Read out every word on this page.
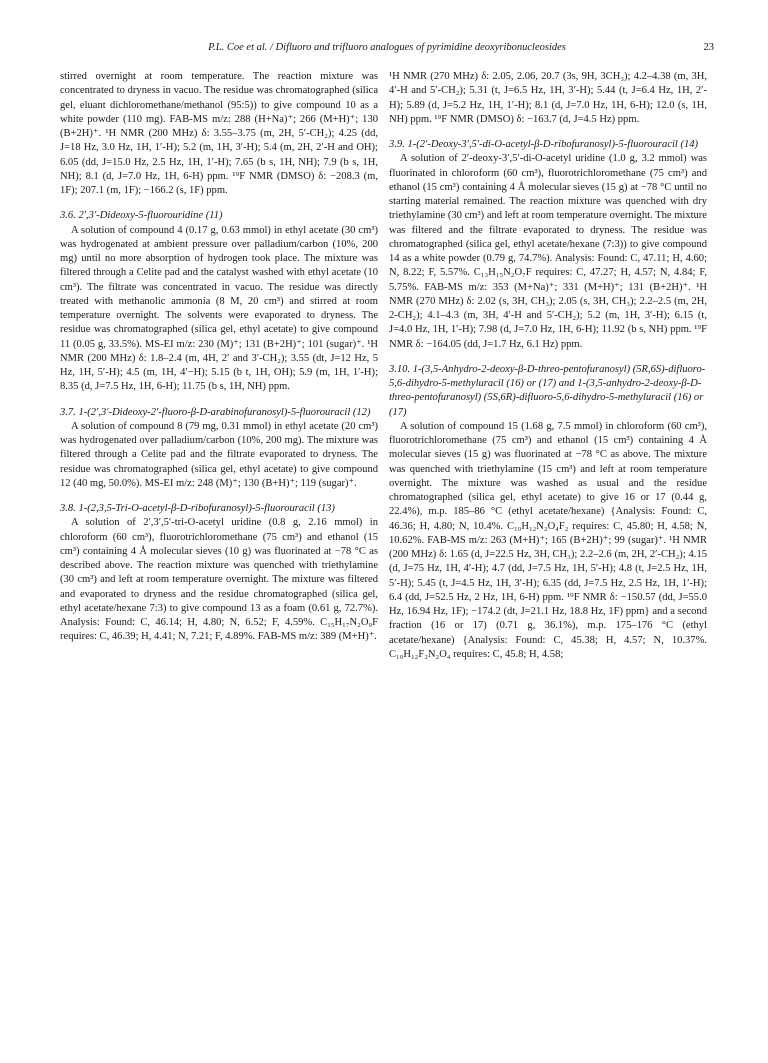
P.L. Coe et al. / Difluoro and trifluoro analogues of pyrimidine deoxyribonucleosides	23

stirred overnight at room temperature. The reaction mixture was concentrated to dryness in vacuo. The residue was chromatographed (silica gel, eluant dichloromethane/methanol (95:5)) to give compound 10 as a white powder (110 mg). FAB-MS m/z: 288 (H+Na)⁺; 266 (M+H)⁺; 130 (B+2H)⁺. ¹H NMR (200 MHz) δ: 3.55–3.75 (m, 2H, 5′-CH₂); 4.25 (dd, J=18 Hz, 3.0 Hz, 1H, 1′-H); 5.2 (m, 1H, 3′-H); 5.4 (m, 2H, 2′-H and OH); 6.05 (dd, J=15.0 Hz, 2.5 Hz, 1H, 1′-H); 7.65 (b s, 1H, NH); 7.9 (b s, 1H, NH); 8.1 (d, J=7.0 Hz, 1H, 6-H) ppm. ¹⁹F NMR (DMSO) δ: −208.3 (m, 1F); 207.1 (m, 1F); −166.2 (s, 1F) ppm.

3.6. 2′,3′-Dideoxy-5-fluorouridine (11)

A solution of compound 4 (0.17 g, 0.63 mmol) in ethyl acetate (30 cm³) was hydrogenated at ambient pressure over palladium/carbon (10%, 200 mg) until no more absorption of hydrogen took place. The mixture was filtered through a Celite pad and the catalyst washed with ethyl acetate (10 cm³). The filtrate was concentrated in vacuo. The residue was directly treated with methanolic ammonia (8 M, 20 cm³) and stirred at room temperature overnight. The solvents were evaporated to dryness. The residue was chromatographed (silica gel, ethyl acetate) to give compound 11 (0.05 g, 33.5%). MS-EI m/z: 230 (M)⁺; 131 (B+2H)⁺; 101 (sugar)⁺. ¹H NMR (200 MHz) δ: 1.8–2.4 (m, 4H, 2′ and 3′-CH₂); 3.55 (dt, J=12 Hz, 5 Hz, 1H, 5′-H); 4.5 (m, 1H, 4′−H); 5.15 (b t, 1H, OH); 5.9 (m, 1H, 1′-H); 8.35 (d, J=7.5 Hz, 1H, 6-H); 11.75 (b s, 1H, NH) ppm.

3.7. 1-(2′,3′-Dideoxy-2′-fluoro-β-D-arabinofuranosyl)-5-fluorouracil (12)

A solution of compound 8 (79 mg, 0.31 mmol) in ethyl acetate (20 cm³) was hydrogenated over palladium/carbon (10%, 200 mg). The mixture was filtered through a Celite pad and the filtrate evaporated to dryness. The residue was chromatographed (silica gel, ethyl acetate) to give compound 12 (40 mg, 50.0%). MS-EI m/z: 248 (M)⁺; 130 (B+H)⁺; 119 (sugar)⁺.

3.8. 1-(2,3,5-Tri-O-acetyl-β-D-ribofuranosyl)-5-fluorouracil (13)

A solution of 2′,3′,5′-tri-O-acetyl uridine (0.8 g, 2.16 mmol) in chloroform (60 cm³), fluorotrichloromethane (75 cm³) and ethanol (15 cm³) containing 4 Å molecular sieves (10 g) was fluorinated at −78 °C as described above. The reaction mixture was quenched with triethylamine (30 cm³) and left at room temperature overnight. The mixture was filtered and evaporated to dryness and the residue chromatographed (silica gel, ethyl acetate/hexane 7:3) to give compound 13 as a foam (0.61 g, 72.7%). Analysis: Found: C, 46.14; H, 4.80; N, 6.52; F, 4.59%. C₁₅H₁₇N₂O₉F requires: C, 46.39; H, 4.41; N, 7.21; F, 4.89%. FAB-MS m/z: 389 (M+H)⁺.

¹H NMR (270 MHz) δ: 2.05, 2.06, 20.7 (3s, 9H, 3CH₃); 4.2–4.38 (m, 3H, 4′-H and 5′-CH₂); 5.31 (t, J=6.5 Hz, 1H, 3′-H); 5.44 (t, J=6.4 Hz, 1H, 2′-H); 5.89 (d, J=5.2 Hz, 1H, 1′-H); 8.1 (d, J=7.0 Hz, 1H, 6-H); 12.0 (s, 1H, NH) ppm. ¹⁹F NMR (DMSO) δ: −163.7 (d, J=4.5 Hz) ppm.

3.9. 1-(2′-Deoxy-3′,5′-di-O-acetyl-β-D-ribofuranosyl)-5-fluorouracil (14)

A solution of 2′-deoxy-3′,5′-di-O-acetyl uridine (1.0 g, 3.2 mmol) was fluorinated in chloroform (60 cm³), fluorotrichloromethane (75 cm³) and ethanol (15 cm³) containing 4 Å molecular sieves (15 g) at −78 °C until no starting material remained. The reaction mixture was quenched with dry triethylamine (30 cm³) and left at room temperature overnight. The mixture was filtered and the filtrate evaporated to dryness. The residue was chromatographed (silica gel, ethyl acetate/hexane (7:3)) to give compound 14 as a white powder (0.79 g, 74.7%). Analysis: Found: C, 47.11; H, 4.60; N, 8.22; F, 5.57%. C₁₃H₁₅N₂O₇F requires: C, 47.27; H, 4.57; N, 4.84; F, 5.75%. FAB-MS m/z: 353 (M+Na)⁺; 331 (M+H)⁺; 131 (B+2H)⁺. ¹H NMR (270 MHz) δ: 2.02 (s, 3H, CH₃); 2.05 (s, 3H, CH₃); 2.2–2.5 (m, 2H, 2-CH₂); 4.1–4.3 (m, 3H, 4′-H and 5′-CH₂); 5.2 (m, 1H, 3′-H); 6.15 (t, J=4.0 Hz, 1H, 1′-H); 7.98 (d, J=7.0 Hz, 1H, 6-H); 11.92 (b s, NH) ppm. ¹⁹F NMR δ: −164.05 (dd, J=1.7 Hz, 6.1 Hz) ppm.

3.10. 1-(3,5-Anhydro-2-deoxy-β-D-threo-pentofuranosyl) (5R,6S)-difluoro-5,6-dihydro-5-methyluracil (16) or (17) and 1-(3,5-anhydro-2-deoxy-β-D-threo-pentofuranosyl) (5S,6R)-difluoro-5,6-dihydro-5-methyluracil (16) or (17)

A solution of compound 15 (1.68 g, 7.5 mmol) in chloroform (60 cm³), fluorotrichloromethane (75 cm³) and ethanol (15 cm³) containing 4 Å molecular sieves (15 g) was fluorinated at −78 °C as above. The mixture was quenched with triethylamine (15 cm³) and left at room temperature overnight. The mixture was washed as usual and the residue chromatographed (silica gel, ethyl acetate) to give 16 or 17 (0.44 g, 22.4%), m.p. 185–86 °C (ethyl acetate/hexane) {Analysis: Found: C, 46.36; H, 4.80; N, 10.4%. C₁₀H₁₂N₂O₄F₂ requires: C, 45.80; H, 4.58; N, 10.62%. FAB-MS m/z: 263 (M+H)⁺; 165 (B+2H)⁺; 99 (sugar)⁺. ¹H NMR (200 MHz) δ: 1.65 (d, J=22.5 Hz, 3H, CH₃); 2.2–2.6 (m, 2H, 2′-CH₂); 4.15 (d, J=75 Hz, 1H, 4′-H); 4.7 (dd, J=7.5 Hz, 1H, 5′-H); 4.8 (t, J=2.5 Hz, 1H, 5′-H); 5.45 (t, J=4.5 Hz, 1H, 3′-H); 6.35 (dd, J=7.5 Hz, 2.5 Hz, 1H, 1′-H); 6.4 (dd, J=52.5 Hz, 2 Hz, 1H, 6-H) ppm. ¹⁹F NMR δ: −150.57 (dd, J=55.0 Hz, 16.94 Hz, 1F); −174.2 (dt, J=21.1 Hz, 18.8 Hz, 1F) ppm} and a second fraction (16 or 17) (0.71 g, 36.1%), m.p. 175–176 °C (ethyl acetate/hexane) {Analysis: Found: C, 45.38; H, 4.57; N, 10.37%. C₁₀H₁₂F₂N₂O₄ requires: C, 45.8; H, 4.58;
